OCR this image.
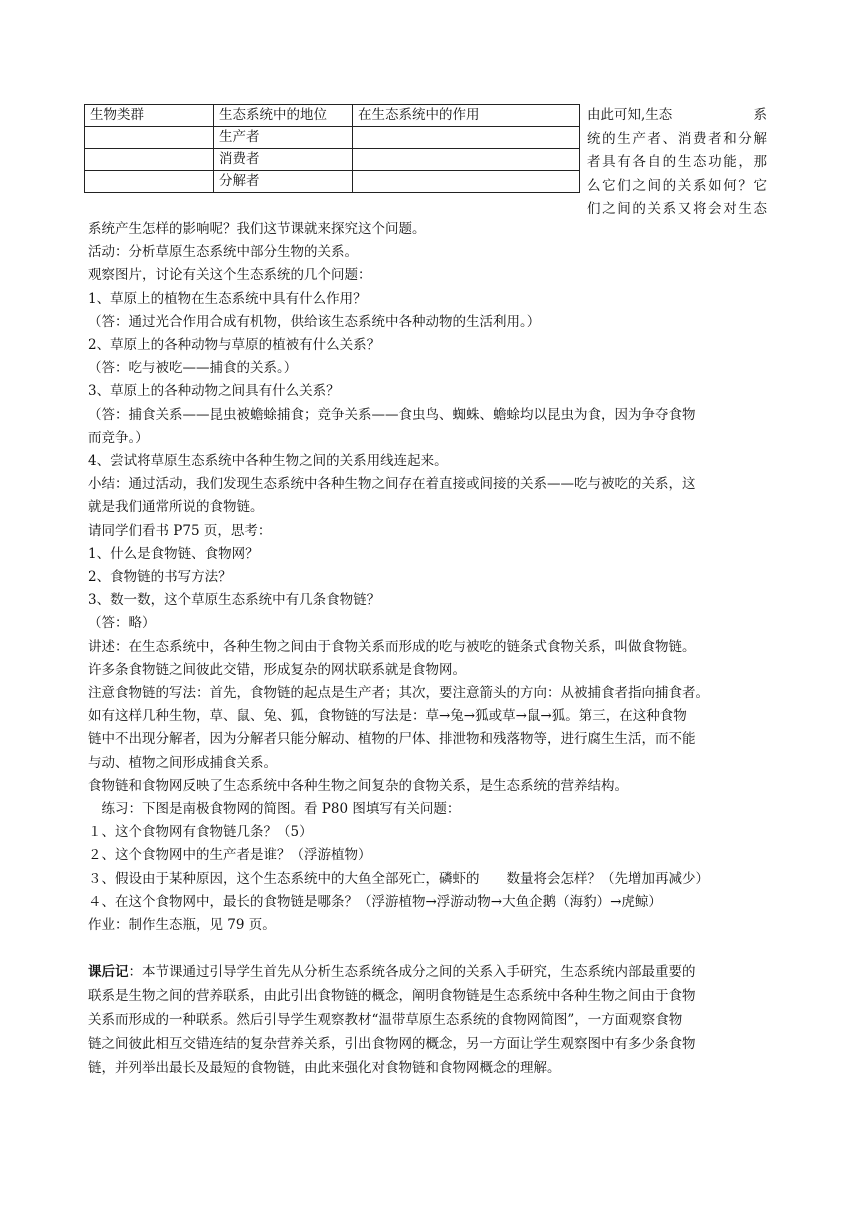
生物类群	生态系统中的地位	在生态系统中的作用
	生产者	
	消费者	
	分解者	
由此可知,生态	系
统的生产者、消费者和分解
者具有各自的生态功能，那
么它们之间的关系如何？它
们之间的关系又将会对生态

系统产生怎样的影响呢？我们这节课就来探究这个问题。

活动：分析草原生态系统中部分生物的关系。

观察图片，讨论有关这个生态系统的几个问题：

1、草原上的植物在生态系统中具有什么作用？

（答：通过光合作用合成有机物，供给该生态系统中各种动物的生活利用。）

2、草原上的各种动物与草原的植被有什么关系？

（答：吃与被吃——捕食的关系。）

3、草原上的各种动物之间具有什么关系？

（答：捕食关系——昆虫被蟾蜍捕食；竞争关系——食虫鸟、蜘蛛、蟾蜍均以昆虫为食，因为争夺食物

而竞争。）

4、尝试将草原生态系统中各种生物之间的关系用线连起来。

小结：通过活动，我们发现生态系统中各种生物之间存在着直接或间接的关系——吃与被吃的关系，这

就是我们通常所说的食物链。

请同学们看书 P75 页，思考：

1、什么是食物链、食物网？

2、食物链的书写方法？

3、数一数，这个草原生态系统中有几条食物链？

（答：略）

讲述：在生态系统中，各种生物之间由于食物关系而形成的吃与被吃的链条式食物关系，叫做食物链。

许多条食物链之间彼此交错，形成复杂的网状联系就是食物网。

注意食物链的写法：首先，食物链的起点是生产者；其次，要注意箭头的方向：从被捕食者指向捕食者。

如有这样几种生物，草、鼠、兔、狐，食物链的写法是：草→兔→狐或草→鼠→狐。第三，在这种食物

链中不出现分解者，因为分解者只能分解动、植物的尸体、排泄物和残落物等，进行腐生生活，而不能

与动、植物之间形成捕食关系。

食物链和食物网反映了生态系统中各种生物之间复杂的食物关系，是生态系统的营养结构。

　练习：下图是南极食物网的简图。看 P80 图填写有关问题：

１、这个食物网有食物链几条？（5）

２、这个食物网中的生产者是谁？（浮游植物）

３、假设由于某种原因，这个生态系统中的大鱼全部死亡，磷虾的　　数量将会怎样？（先增加再减少）

４、在这个食物网中，最长的食物链是哪条？（浮游植物→浮游动物→大鱼企鹅（海豹）→虎鲸）

作业：制作生态瓶，见 79 页。

课后记：本节课通过引导学生首先从分析生态系统各成分之间的关系入手研究，生态系统内部最重要的

联系是生物之间的营养联系，由此引出食物链的概念，阐明食物链是生态系统中各种生物之间由于食物

关系而形成的一种联系。然后引导学生观察教材“温带草原生态系统的食物网简图”，一方面观察食物

链之间彼此相互交错连结的复杂营养关系，引出食物网的概念，另一方面让学生观察图中有多少条食物

链，并列举出最长及最短的食物链，由此来强化对食物链和食物网概念的理解。
